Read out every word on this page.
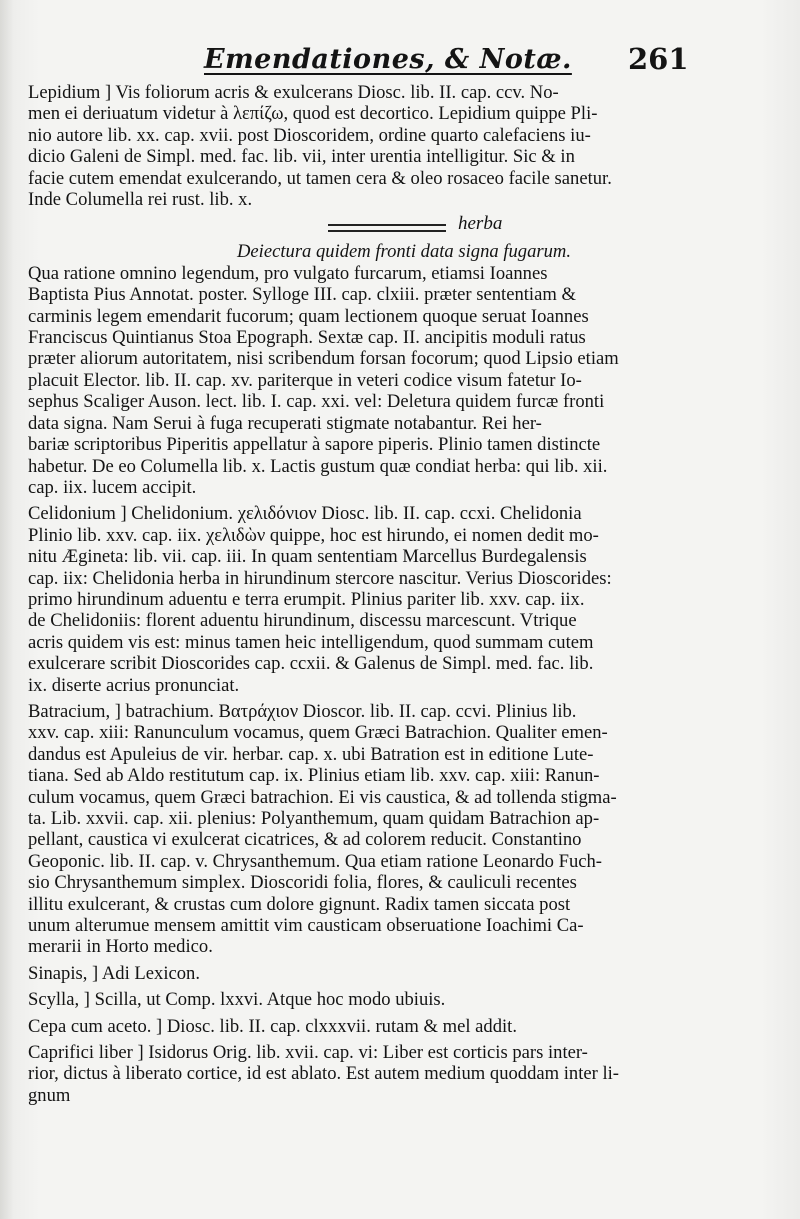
Emendationes, & Notæ. 261
Lepidium ] Vis foliorum acris & exulcerans Diosc. lib. II. cap. ccv. No-
men ei deriuatum videtur à λεπίζω, quod est decortico. Lepidium quippe Pli-
nio autore lib. xx. cap. xvii. post Dioscoridem, ordine quarto calefaciens iu-
dicio Galeni de Simpl. med. fac. lib. vii, inter urentia intelligitur. Sic & in
facie cutem emendat exulcerando, ut tamen cera & oleo rosaceo facile sanetur.
Inde Columella rei rust. lib. x.
herba
Deiectura quidem fronti data signa fugarum.
Qua ratione omnino legendum, pro vulgato furcarum, etiamsi Ioannes
Baptista Pius Annotat. poster. Sylloge III. cap. clxiii. præter sententiam &
carminis legem emendarit fucorum; quam lectionem quoque seruat Ioannes
Franciscus Quintianus Stoa Epograph. Sextæ cap. II. ancipitis moduli ratus
præter aliorum autoritatem, nisi scribendum forsan focorum; quod Lipsio etiam
placuit Elector. lib. II. cap. xv. pariterque in veteri codice visum fatetur Io-
sephus Scaliger Auson. lect. lib. I. cap. xxi. vel: Deletura quidem furcæ fronti
data signa. Nam Serui à fuga recuperati stigmate notabantur. Rei her-
bariæ scriptoribus Piperitis appellatur à sapore piperis. Plinio tamen distincte
habetur. De eo Columella lib. x. Lactis gustum quæ condiat herba: qui lib. xii.
cap. iix. lucem accipit.
Celidonium ] Chelidonium. χελιδόνιον Diosc. lib. II. cap. ccxi. Chelidonia
Plinio lib. xxv. cap. iix. χελιδὼν quippe, hoc est hirundo, ei nomen dedit mo-
nitu Ægineta: lib. vii. cap. iii. In quam sententiam Marcellus Burdegalensis
cap. iix: Chelidonia herba in hirundinum stercore nascitur. Verius Dioscorides:
primo hirundinum aduentu e terra erumpit. Plinius pariter lib. xxv. cap. iix.
de Chelidoniis: florent aduentu hirundinum, discessu marcescunt. Vtrique
acris quidem vis est: minus tamen heic intelligendum, quod summam cutem
exulcerare scribit Dioscorides cap. ccxii. & Galenus de Simpl. med. fac. lib.
ix. diserte acrius pronunciat.
Batracium, ] batrachium. Βατράχιον Dioscor. lib. II. cap. ccvi. Plinius lib.
xxv. cap. xiii: Ranunculum vocamus, quem Græci Batrachion. Qualiter emen-
dandus est Apuleius de vir. herbar. cap. x. ubi Batration est in editione Lute-
tiana. Sed ab Aldo restitutum cap. ix. Plinius etiam lib. xxv. cap. xiii: Ranun-
culum vocamus, quem Græci batrachion. Ei vis caustica, & ad tollenda stigma-
ta. Lib. xxvii. cap. xii. plenius: Polyanthemum, quam quidam Batrachion ap-
pellant, caustica vi exulcerat cicatrices, & ad colorem reducit. Constantino
Geoponic. lib. II. cap. v. Chrysanthemum. Qua etiam ratione Leonardo Fuch-
sio Chrysanthemum simplex. Dioscoridi folia, flores, & cauliculi recentes
illitu exulcerant, & crustas cum dolore gignunt. Radix tamen siccata post
unum alterumue mensem amittit vim causticam obseruatione Ioachimi Ca-
merarii in Horto medico.
Sinapis, ] Adi Lexicon.
Scylla, ] Scilla, ut Comp. lxxvi. Atque hoc modo ubiuis.
Cepa cum aceto. ] Diosc. lib. II. cap. clxxxvii. rutam & mel addit.
Caprifici liber ] Isidorus Orig. lib. xvii. cap. vi: Liber est corticis pars inter-
rior, dictus à liberato cortice, id est ablato. Est autem medium quoddam inter li-
gnum
